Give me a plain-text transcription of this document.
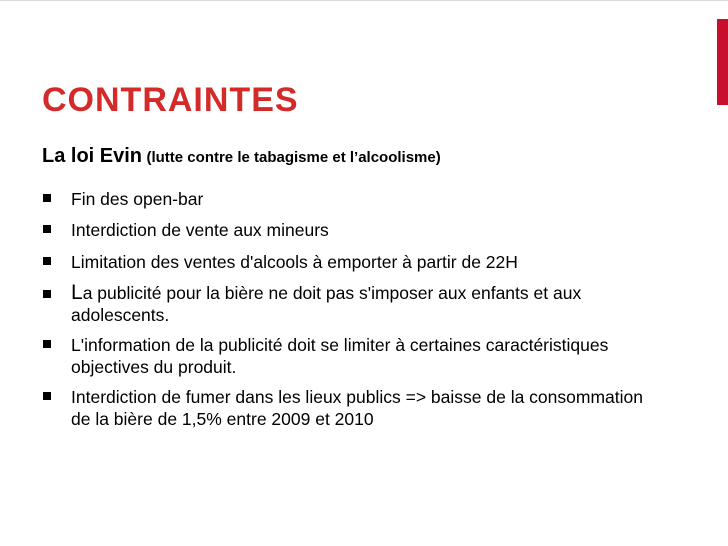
CONTRAINTES

La loi Evin (lutte contre le tabagisme et l’alcoolisme)

Fin des open-bar
Interdiction de vente aux mineurs
Limitation des ventes d'alcools à emporter à partir de 22H
La publicité pour la bière ne doit pas s'imposer aux enfants et aux adolescents.
L'information de la publicité doit se limiter à certaines caractéristiques objectives du produit.
Interdiction de fumer dans les lieux publics => baisse de la consommation de la bière de 1,5% entre 2009 et 2010
